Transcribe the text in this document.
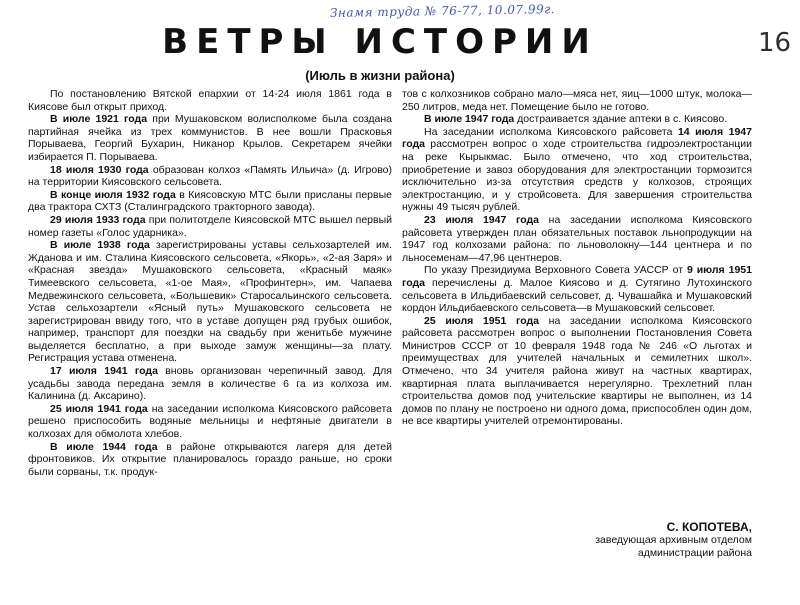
Знамя труда № 76-77, 10.07.99г.
16
ВЕТРЫ ИСТОРИИ
(Июль в жизни района)

По постановлению Вятской епархии от 14-24 июля 1861 года в Киясове был открыт приход.

В июле 1921 года при Мушаковском волисполкоме была создана партийная ячейка из трех коммунистов. В нее вошли Прасковья Порываева, Георгий Бухарин, Никанор Крылов. Секретарем ячейки избирается П. Порываева.

18 июля 1930 года образован колхоз «Память Ильича» (д. Игрово) на территории Киясовского сельсовета.

В конце июля 1932 года в Киясовскую МТС были присланы первые два трактора СХТЗ (Сталинградского тракторного завода).

29 июля 1933 года при политотделе Киясовской МТС вышел первый номер газеты «Голос ударника».

В июле 1938 года зарегистрированы уставы сельхозартелей им. Жданова и им. Сталина Киясовского сельсовета, «Якорь», «2-ая Заря» и «Красная звезда» Мушаковского сельсовета, «Красный маяк» Тимеевского сельсовета, «1-ое Мая», «Профинтерн», им. Чапаева Медвежинского сельсовета, «Большевик» Старосальинского сельсовета. Устав сельхозартели «Ясный путь» Мушаковского сельсовета не зарегистрирован ввиду того, что в уставе допущен ряд грубых ошибок, например, транспорт для поездки на свадьбу при женитьбе мужчине выделяется бесплатно, а при выходе замуж женщины—за плату. Регистрация устава отменена.

17 июля 1941 года вновь организован черепичный завод. Для усадьбы завода передана земля в количестве 6 га из колхоза им. Калинина (д. Аксарино).

25 июля 1941 года на заседании исполкома Киясовского райсовета решено приспособить водяные мельницы и нефтяные двигатели в колхозах для обмолота хлебов.

В июле 1944 года в районе открываются лагеря для детей фронтовиков. Их открытие планировалось гораздо раньше, но сроки были сорваны, т.к. продук-

тов с колхозников собрано мало—мяса нет, яиц—1000 штук, молока—250 литров, меда нет. Помещение было не готово.

В июле 1947 года достраивается здание аптеки в с. Киясово.

На заседании исполкома Киясовского райсовета 14 июля 1947 года рассмотрен вопрос о ходе строительства гидроэлектростанции на реке Кырыкмас. Было отмечено, что ход строительства, приобретение и завоз оборудования для электростанции тормозится исключительно из-за отсутствия средств у колхозов, строящих электростанцию, и у стройсовета. Для завершения строительства нужны 49 тысяч рублей.

23 июля 1947 года на заседании исполкома Киясовского райсовета утвержден план обязательных поставок льнопродукции на 1947 год колхозами района: по льноволокну—144 центнера и по льносеменам—47,96 центнеров.

По указу Президиума Верховного Совета УАССР от 9 июля 1951 года перечислены д. Малое Киясово и д. Сутягино Лутохинского сельсовета в Ильдибаевский сельсовет, д. Чувашайка и Мушаковский кордон Ильдибаевского сельсовета—в Мушаковский сельсовет.

25 июля 1951 года на заседании исполкома Киясовского райсовета рассмотрен вопрос о выполнении Постановления Совета Министров СССР от 10 февраля 1948 года № 246 «О льготах и преимуществах для учителей начальных и семилетних школ». Отмечено, что 34 учителя района живут на частных квартирах, квартирная плата выплачивается нерегулярно. Трехлетний план строительства домов под учительские квартиры не выполнен, из 14 домов по плану не построено ни одного дома, приспособлен один дом, не все квартиры учителей отремонтированы.

С. КОПОТЕВА,
заведующая архивным отделом
администрации района
